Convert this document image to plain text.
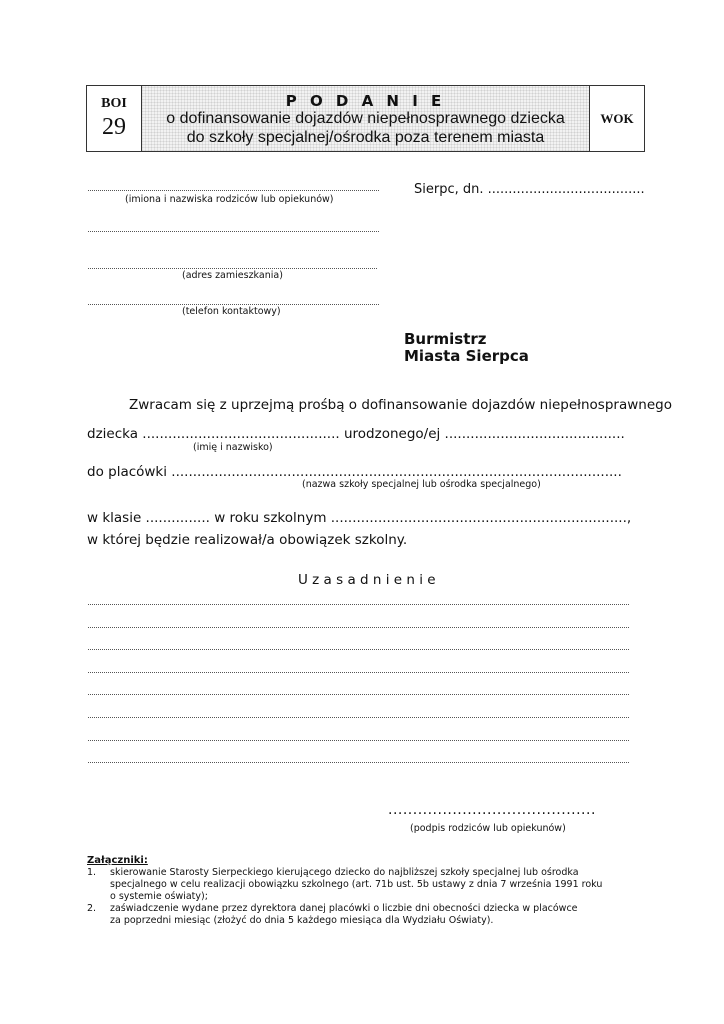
BOI
29
P O D A N I E
o dofinansowanie dojazdów niepełnosprawnego dziecka
do szkoły specjalnej/ośrodka poza terenem miasta
WOK
(imiona i nazwiska rodziców lub opiekunów)
(adres zamieszkania)
(telefon kontaktowy)
Sierpc, dn. ......................................
Burmistrz
Miasta Sierpca
Zwracam się z uprzejmą prośbą o dofinansowanie dojazdów niepełnosprawnego
dziecka .............................................. urodzonego/ej ..........................................
(imię i nazwisko)
do placówki .........................................................................................................
(nazwa szkoły specjalnej lub ośrodka specjalnego)
w klasie ............... w roku szkolnym .....................................................................,
w której będzie realizował/a obowiązek szkolny.
U z a s a d n i e n i e
..........................................
(podpis rodziców lub opiekunów)
Załączniki:
1. skierowanie Starosty Sierpeckiego kierującego dziecko do najbliższej szkoły specjalnej lub ośrodka
specjalnego w celu realizacji obowiązku szkolnego (art. 71b ust. 5b ustawy z dnia 7 września 1991 roku
o systemie oświaty);
2. zaświadczenie wydane przez dyrektora danej placówki o liczbie dni obecności dziecka w placówce
za poprzedni miesiąc (złożyć do dnia 5 każdego miesiąca dla Wydziału Oświaty).
